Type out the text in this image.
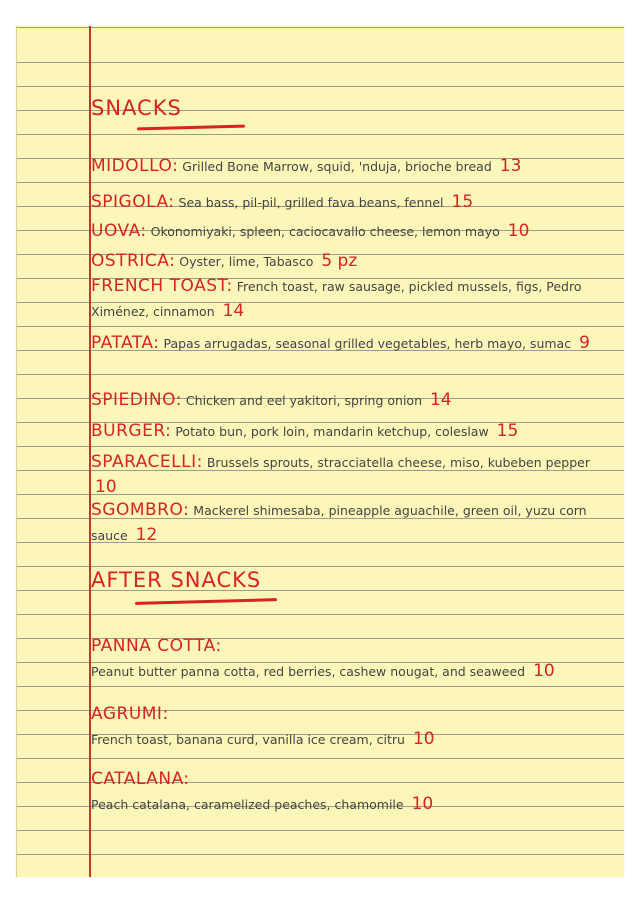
SNACKS
MIDOLLO: Grilled Bone Marrow, squid, 'nduja, brioche bread 13
SPIGOLA: Sea bass, pil-pil, grilled fava beans, fennel 15
UOVA: Okonomiyaki, spleen, caciocavallo cheese, lemon mayo 10
OSTRICA: Oyster, lime, Tabasco 5 pz
FRENCH TOAST: French toast, raw sausage, pickled mussels, figs, Pedro Ximénez, cinnamon 14
PATATA: Papas arrugadas, seasonal grilled vegetables, herb mayo, sumac 9
SPIEDINO: Chicken and eel yakitori, spring onion 14
BURGER: Potato bun, pork loin, mandarin ketchup, coleslaw 15
SPARACELLI: Brussels sprouts, stracciatella cheese, miso, kubeben pepper 10
SGOMBRO: Mackerel shimesaba, pineapple aguachile, green oil, yuzu corn sauce 12
AFTER SNACKS
PANNA COTTA:
Peanut butter panna cotta, red berries, cashew nougat, and seaweed 10
AGRUMI:
French toast, banana curd, vanilla ice cream, citru 10
CATALANA:
Peach catalana, caramelized peaches, chamomile 10
